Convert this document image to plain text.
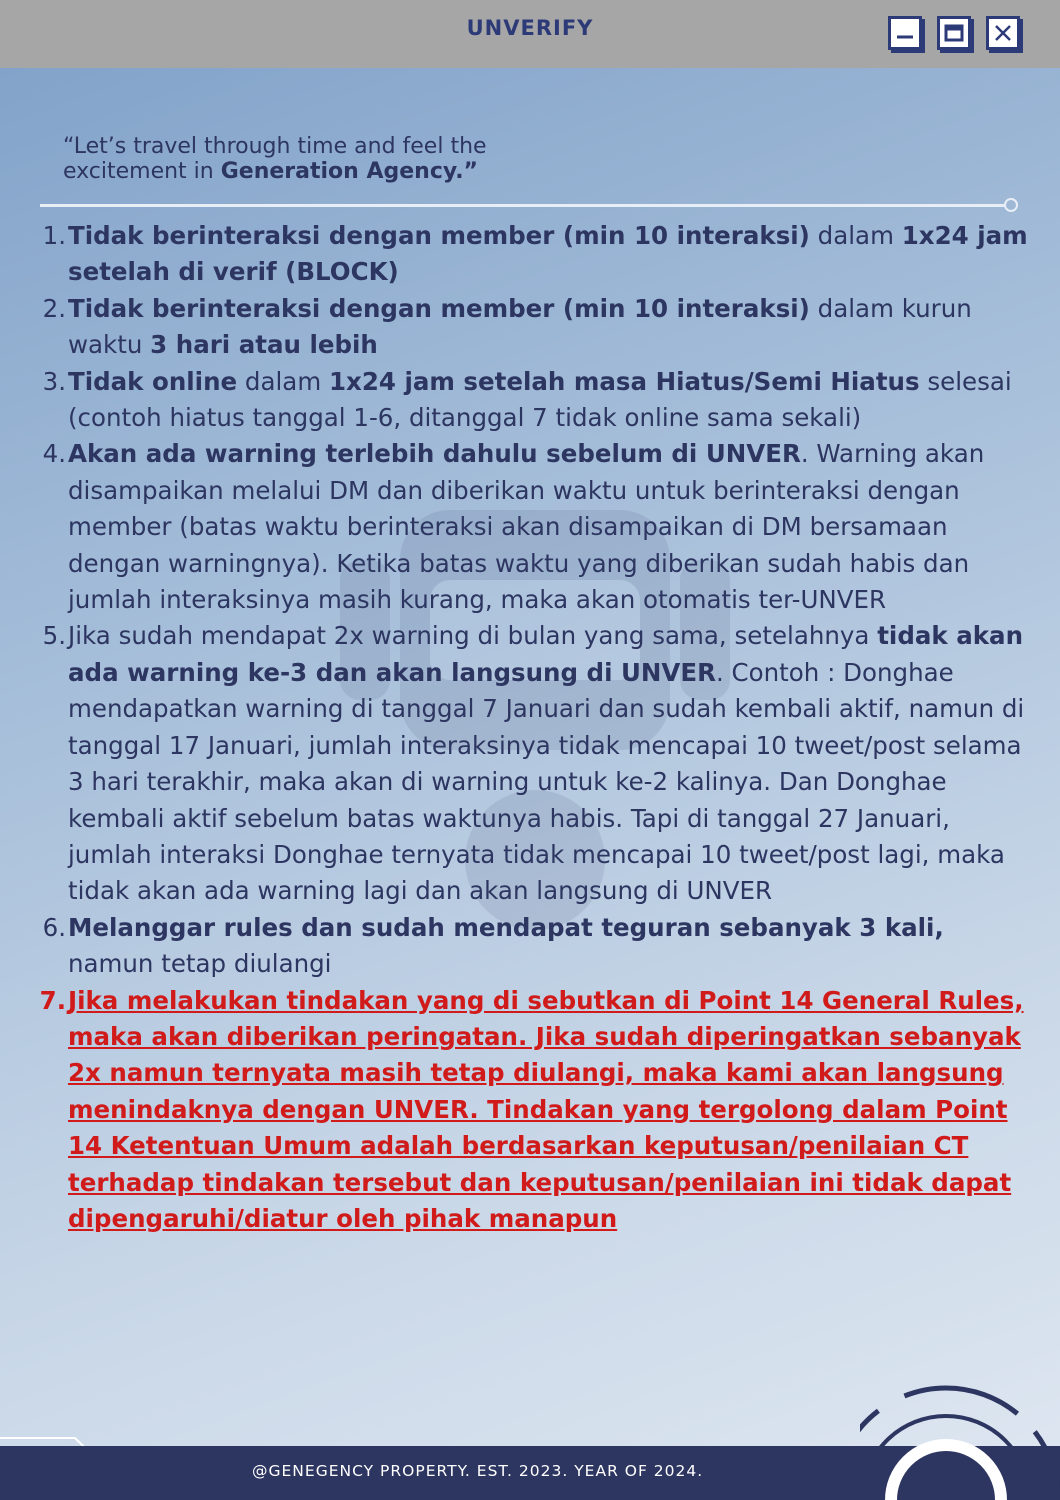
UNVERIFY
“Let’s travel through time and feel the
excitement in Generation Agency.”
1. Tidak berinteraksi dengan member (min 10 interaksi) dalam 1x24 jam setelah di verif (BLOCK)
2. Tidak berinteraksi dengan member (min 10 interaksi) dalam kurun waktu 3 hari atau lebih
3. Tidak online dalam 1x24 jam setelah masa Hiatus/Semi Hiatus selesai (contoh hiatus tanggal 1-6, ditanggal 7 tidak online sama sekali)
4. Akan ada warning terlebih dahulu sebelum di UNVER. Warning akan disampaikan melalui DM dan diberikan waktu untuk berinteraksi dengan member (batas waktu berinteraksi akan disampaikan di DM bersamaan dengan warningnya). Ketika batas waktu yang diberikan sudah habis dan jumlah interaksinya masih kurang, maka akan otomatis ter-UNVER
5. Jika sudah mendapat 2x warning di bulan yang sama, setelahnya tidak akan ada warning ke-3 dan akan langsung di UNVER. Contoh : Donghae mendapatkan warning di tanggal 7 Januari dan sudah kembali aktif, namun di tanggal 17 Januari, jumlah interaksinya tidak mencapai 10 tweet/post selama 3 hari terakhir, maka akan di warning untuk ke-2 kalinya. Dan Donghae kembali aktif sebelum batas waktunya habis. Tapi di tanggal 27 Januari, jumlah interaksi Donghae ternyata tidak mencapai 10 tweet/post lagi, maka tidak akan ada warning lagi dan akan langsung di UNVER
6. Melanggar rules dan sudah mendapat teguran sebanyak 3 kali, namun tetap diulangi
7. Jika melakukan tindakan yang di sebutkan di Point 14 General Rules, maka akan diberikan peringatan. Jika sudah diperingatkan sebanyak 2x namun ternyata masih tetap diulangi, maka kami akan langsung menindaknya dengan UNVER. Tindakan yang tergolong dalam Point 14 Ketentuan Umum adalah berdasarkan keputusan/penilaian CT terhadap tindakan tersebut dan keputusan/penilaian ini tidak dapat dipengaruhi/diatur oleh pihak manapun
@GENEGENCY PROPERTY. EST. 2023. YEAR OF 2024.
